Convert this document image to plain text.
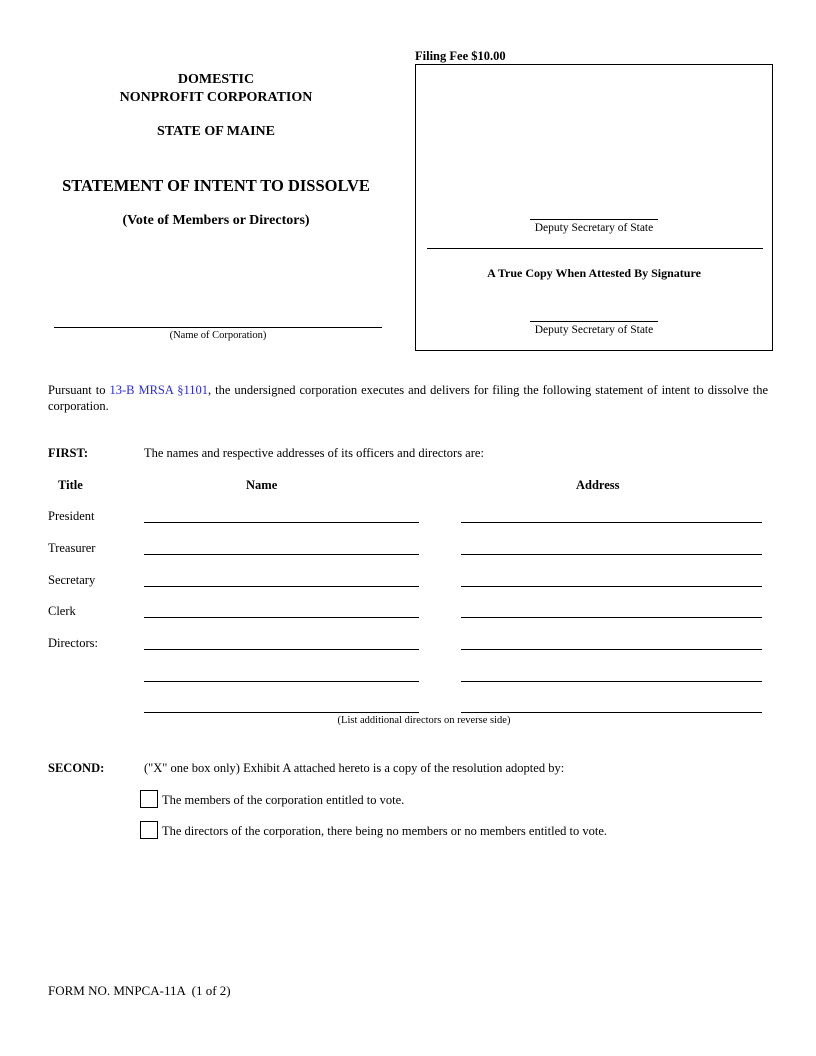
DOMESTIC
NONPROFIT CORPORATION
STATE OF MAINE
STATEMENT OF INTENT TO DISSOLVE
(Vote of Members or Directors)
(Name of Corporation)
Filing Fee $10.00
Deputy Secretary of State
A True Copy When Attested By Signature
Deputy Secretary of State
Pursuant to 13-B MRSA §1101, the undersigned corporation executes and delivers for filing the following statement of intent to dissolve the corporation.
FIRST:	The names and respective addresses of its officers and directors are:
Title	Name	Address
President
Treasurer
Secretary
Clerk
Directors:
(List additional directors on reverse side)
SECOND:	("X" one box only) Exhibit A attached hereto is a copy of the resolution adopted by:
The members of the corporation entitled to vote.
The directors of the corporation, there being no members or no members entitled to vote.
FORM NO. MNPCA-11A  (1 of 2)
